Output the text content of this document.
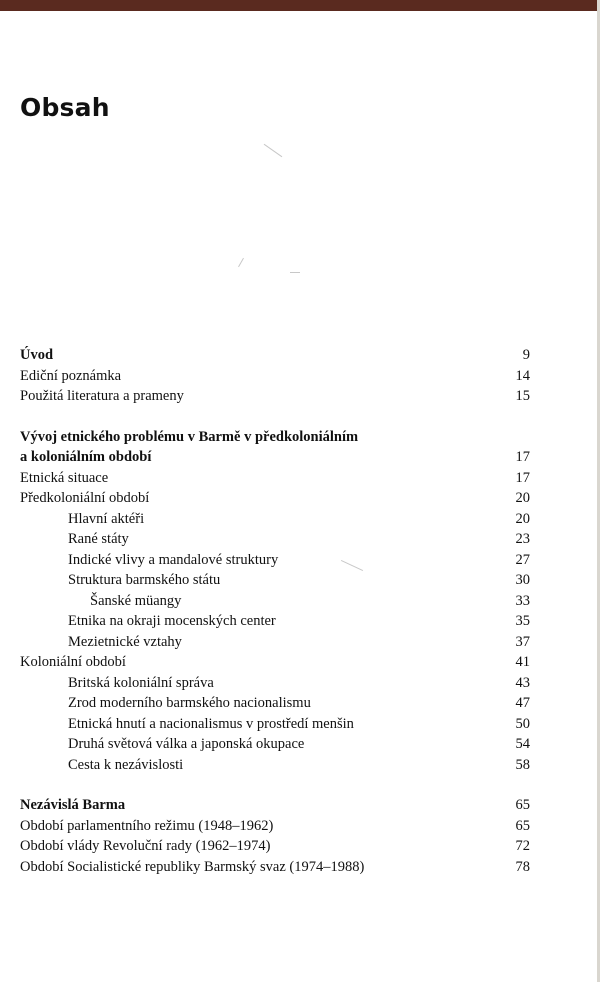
Obsah
Úvod	9
Ediční poznámka	14
Použitá literatura a prameny	15
Vývoj etnického problému v Barmě v předkoloniálním
a koloniálním období	17
Etnická situace	17
Předkoloniální období	20
Hlavní aktéři	20
Rané státy	23
Indické vlivy a mandalové struktury	27
Struktura barmského státu	30
Šanské müangy	33
Etnika na okraji mocenských center	35
Mezietnické vztahy	37
Koloniální období	41
Britská koloniální správa	43
Zrod moderního barmského nacionalismu	47
Etnická hnutí a nacionalismus v prostředí menšin	50
Druhá světová válka a japonská okupace	54
Cesta k nezávislosti	58
Nezávislá Barma	65
Období parlamentního režimu (1948–1962)	65
Období vlády Revoluční rady (1962–1974)	72
Období Socialistické republiky Barmský svaz (1974–1988)	78
